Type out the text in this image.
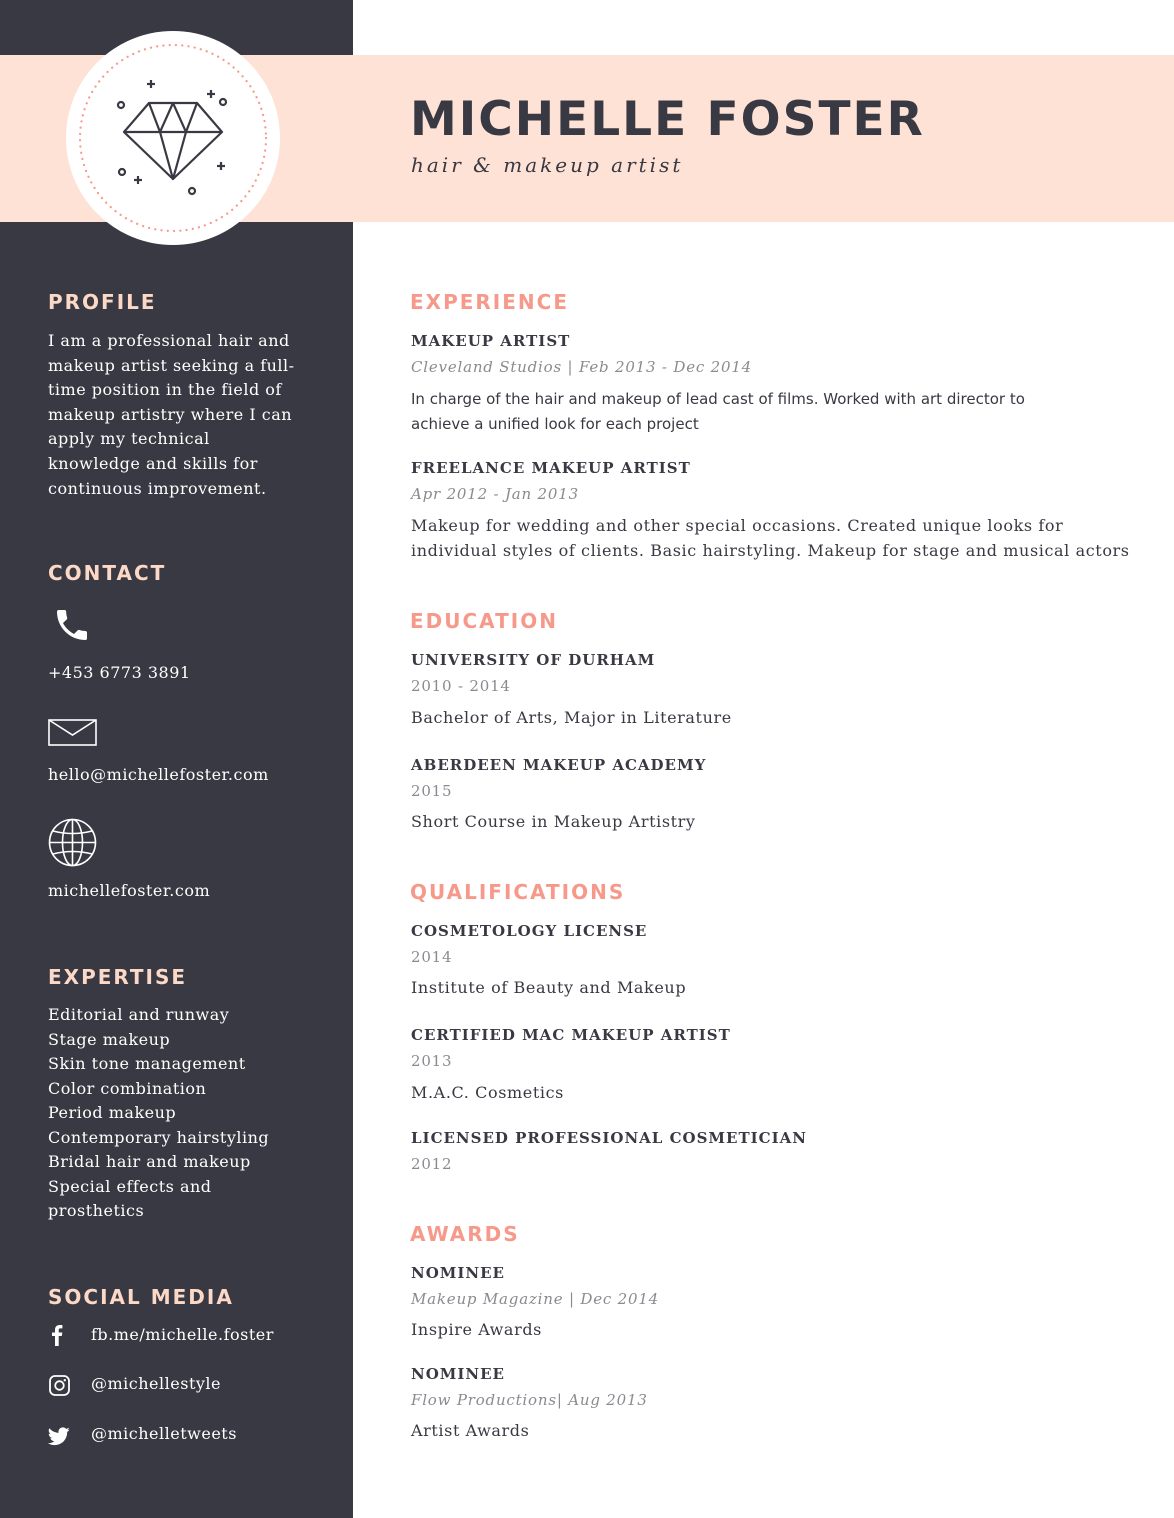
MICHELLE FOSTER
hair & makeup artist
PROFILE
I am a professional hair and
makeup artist seeking a full-
time position in the field of
makeup artistry where I can
apply my technical
knowledge and skills for
continuous improvement.
CONTACT
+453 6773 3891
hello@michellefoster.com
michellefoster.com
EXPERTISE
Editorial and runway
Stage makeup
Skin tone management
Color combination
Period makeup
Contemporary hairstyling
Bridal hair and makeup
Special effects and
prosthetics
SOCIAL MEDIA
fb.me/michelle.foster
@michellestyle
@michelletweets
EXPERIENCE
MAKEUP ARTIST
Cleveland Studios | Feb 2013 - Dec 2014
In charge of the hair and makeup of lead cast of films. Worked with art director to
achieve a unified look for each project
FREELANCE MAKEUP ARTIST
Apr 2012 - Jan 2013
Makeup for wedding and other special occasions. Created unique looks for
individual styles of clients. Basic hairstyling. Makeup for stage and musical actors
EDUCATION
UNIVERSITY OF DURHAM
2010 - 2014
Bachelor of Arts, Major in Literature
ABERDEEN MAKEUP ACADEMY
2015
Short Course in Makeup Artistry
QUALIFICATIONS
COSMETOLOGY LICENSE
2014
Institute of Beauty and Makeup
CERTIFIED MAC MAKEUP ARTIST
2013
M.A.C. Cosmetics
LICENSED PROFESSIONAL COSMETICIAN
2012
AWARDS
NOMINEE
Makeup Magazine | Dec 2014
Inspire Awards
NOMINEE
Flow Productions| Aug 2013
Artist Awards
